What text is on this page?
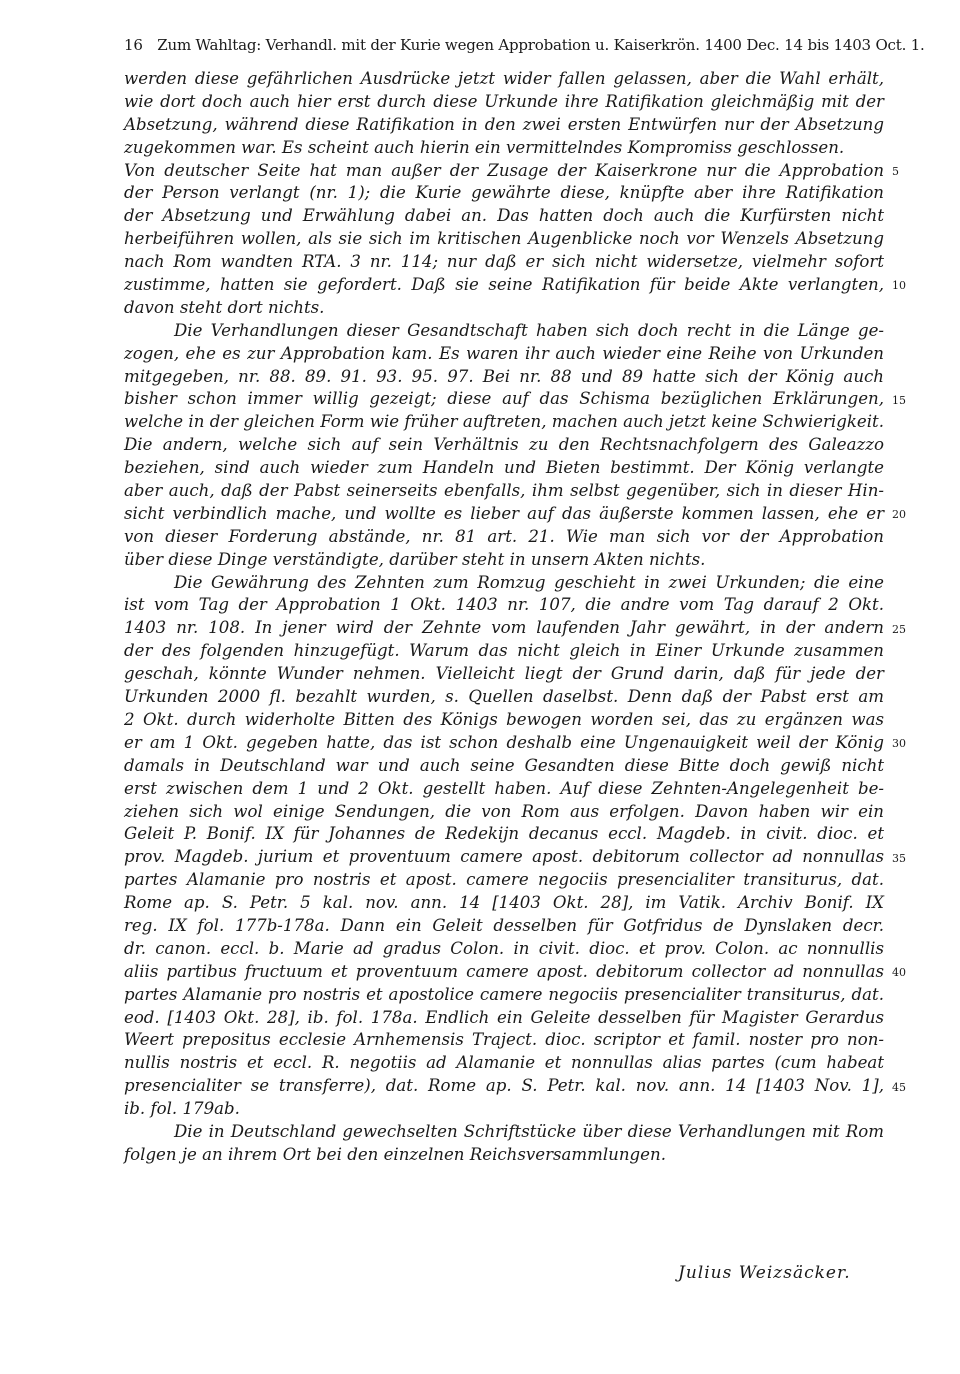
16 Zum Wahltag: Verhandl. mit der Kurie wegen Approbation u. Kaiserkrön. 1400 Dec. 14 bis 1403 Oct. 1.
werden diese gefährlichen Ausdrücke jetzt wider fallen gelassen, aber die Wahl erhält,
wie dort doch auch hier erst durch diese Urkunde ihre Ratifikation gleichmäßig mit der
Absetzung, während diese Ratifikation in den zwei ersten Entwürfen nur der Absetzung
zugekommen war. Es scheint auch hierin ein vermittelndes Kompromiss geschlossen.
Von deutscher Seite hat man außer der Zusage der Kaiserkrone nur die Approbation
der Person verlangt (nr. 1); die Kurie gewährte diese, knüpfte aber ihre Ratifikation
der Absetzung und Erwählung dabei an. Das hatten doch auch die Kurfürsten nicht
herbeiführen wollen, als sie sich im kritischen Augenblicke noch vor Wenzels Absetzung
nach Rom wandten RTA. 3 nr. 114; nur daß er sich nicht widersetze, vielmehr sofort
zustimme, hatten sie gefordert. Daß sie seine Ratifikation für beide Akte verlangten,
davon steht dort nichts.
Die Verhandlungen dieser Gesandtschaft haben sich doch recht in die Länge ge-
zogen, ehe es zur Approbation kam. Es waren ihr auch wieder eine Reihe von Urkunden
mitgegeben, nr. 88. 89. 91. 93. 95. 97. Bei nr. 88 und 89 hatte sich der König auch
bisher schon immer willig gezeigt; diese auf das Schisma bezüglichen Erklärungen,
welche in der gleichen Form wie früher auftreten, machen auch jetzt keine Schwierigkeit.
Die andern, welche sich auf sein Verhältnis zu den Rechtsnachfolgern des Galeazzo
beziehen, sind auch wieder zum Handeln und Bieten bestimmt. Der König verlangte
aber auch, daß der Pabst seinerseits ebenfalls, ihm selbst gegenüber, sich in dieser Hin-
sicht verbindlich mache, und wollte es lieber auf das äußerste kommen lassen, ehe er
von dieser Forderung abstände, nr. 81 art. 21. Wie man sich vor der Approbation
über diese Dinge verständigte, darüber steht in unsern Akten nichts.
Die Gewährung des Zehnten zum Romzug geschieht in zwei Urkunden; die eine
ist vom Tag der Approbation 1 Okt. 1403 nr. 107, die andre vom Tag darauf 2 Okt.
1403 nr. 108. In jener wird der Zehnte vom laufenden Jahr gewährt, in der andern
der des folgenden hinzugefügt. Warum das nicht gleich in Einer Urkunde zusammen
geschah, könnte Wunder nehmen. Vielleicht liegt der Grund darin, daß für jede der
Urkunden 2000 fl. bezahlt wurden, s. Quellen daselbst. Denn daß der Pabst erst am
2 Okt. durch widerholte Bitten des Königs bewogen worden sei, das zu ergänzen was
er am 1 Okt. gegeben hatte, das ist schon deshalb eine Ungenauigkeit weil der König
damals in Deutschland war und auch seine Gesandten diese Bitte doch gewiß nicht
erst zwischen dem 1 und 2 Okt. gestellt haben. Auf diese Zehnten-Angelegenheit be-
ziehen sich wol einige Sendungen, die von Rom aus erfolgen. Davon haben wir ein
Geleit P. Bonif. IX für Johannes de Redekijn decanus eccl. Magdeb. in civit. dioc. et
prov. Magdeb. jurium et proventuum camere apost. debitorum collector ad nonnullas
partes Alamanie pro nostris et apost. camere negociis presencialiter transiturus, dat.
Rome ap. S. Petr. 5 kal. nov. ann. 14 [1403 Okt. 28], im Vatik. Archiv Bonif. IX
reg. IX fol. 177b-178a. Dann ein Geleit desselben für Gotfridus de Dynslaken decr.
dr. canon. eccl. b. Marie ad gradus Colon. in civit. dioc. et prov. Colon. ac nonnullis
aliis partibus fructuum et proventuum camere apost. debitorum collector ad nonnullas
partes Alamanie pro nostris et apostolice camere negociis presencialiter transiturus, dat.
eod. [1403 Okt. 28], ib. fol. 178a. Endlich ein Geleite desselben für Magister Gerardus
Weert prepositus ecclesie Arnhemensis Traject. dioc. scriptor et famil. noster pro non-
nullis nostris et eccl. R. negotiis ad Alamanie et nonnullas alias partes (cum habeat
presencialiter se transferre), dat. Rome ap. S. Petr. kal. nov. ann. 14 [1403 Nov. 1],
ib. fol. 179ab.
Die in Deutschland gewechselten Schriftstücke über diese Verhandlungen mit Rom
folgen je an ihrem Ort bei den einzelnen Reichsversammlungen.
5
10
15
20
25
30
35
40
45
Julius Weizsäcker.
